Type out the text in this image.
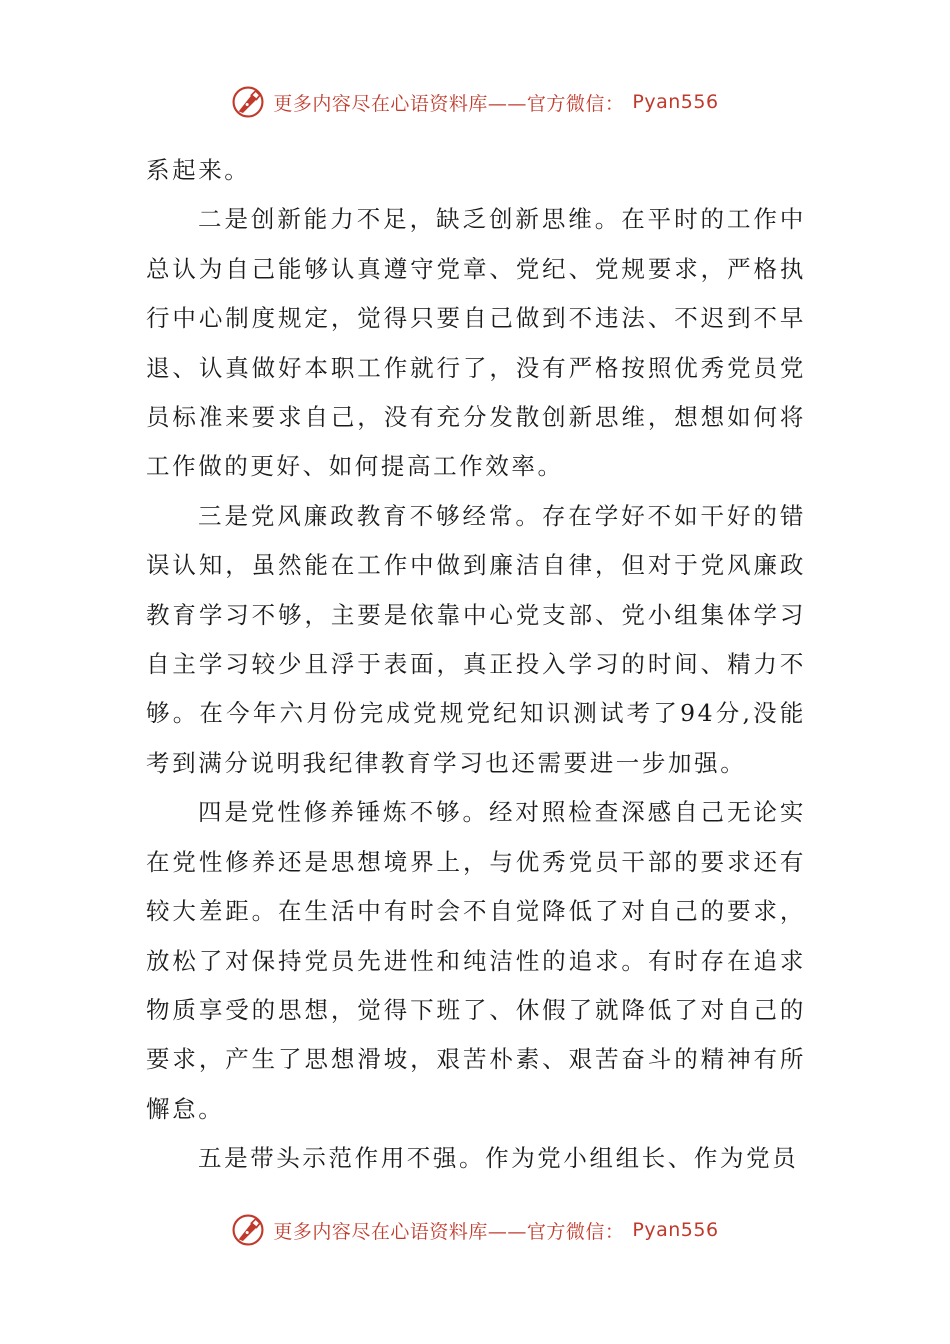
更多内容尽在心语资料库——官方微信： Pyan556

系起来。

二是创新能力不足，缺乏创新思维。在平时的工作中总认为自己能够认真遵守党章、党纪、党规要求，严格执行中心制度规定，觉得只要自己做到不违法、不迟到不早退、认真做好本职工作就行了，没有严格按照优秀党员党员标准来要求自己，没有充分发散创新思维，想想如何将工作做的更好、如何提高工作效率。

三是党风廉政教育不够经常。存在学好不如干好的错误认知，虽然能在工作中做到廉洁自律，但对于党风廉政教育学习不够，主要是依靠中心党支部、党小组集体学习自主学习较少且浮于表面，真正投入学习的时间、精力不够。在今年六月份完成党规党纪知识测试考了94分,没能考到满分说明我纪律教育学习也还需要进一步加强。

四是党性修养锤炼不够。经对照检查深感自己无论实在党性修养还是思想境界上，与优秀党员干部的要求还有较大差距。在生活中有时会不自觉降低了对自己的要求，放松了对保持党员先进性和纯洁性的追求。有时存在追求物质享受的思想，觉得下班了、休假了就降低了对自己的要求，产生了思想滑坡，艰苦朴素、艰苦奋斗的精神有所懈怠。

五是带头示范作用不强。作为党小组组长、作为党员

更多内容尽在心语资料库——官方微信： Pyan556
